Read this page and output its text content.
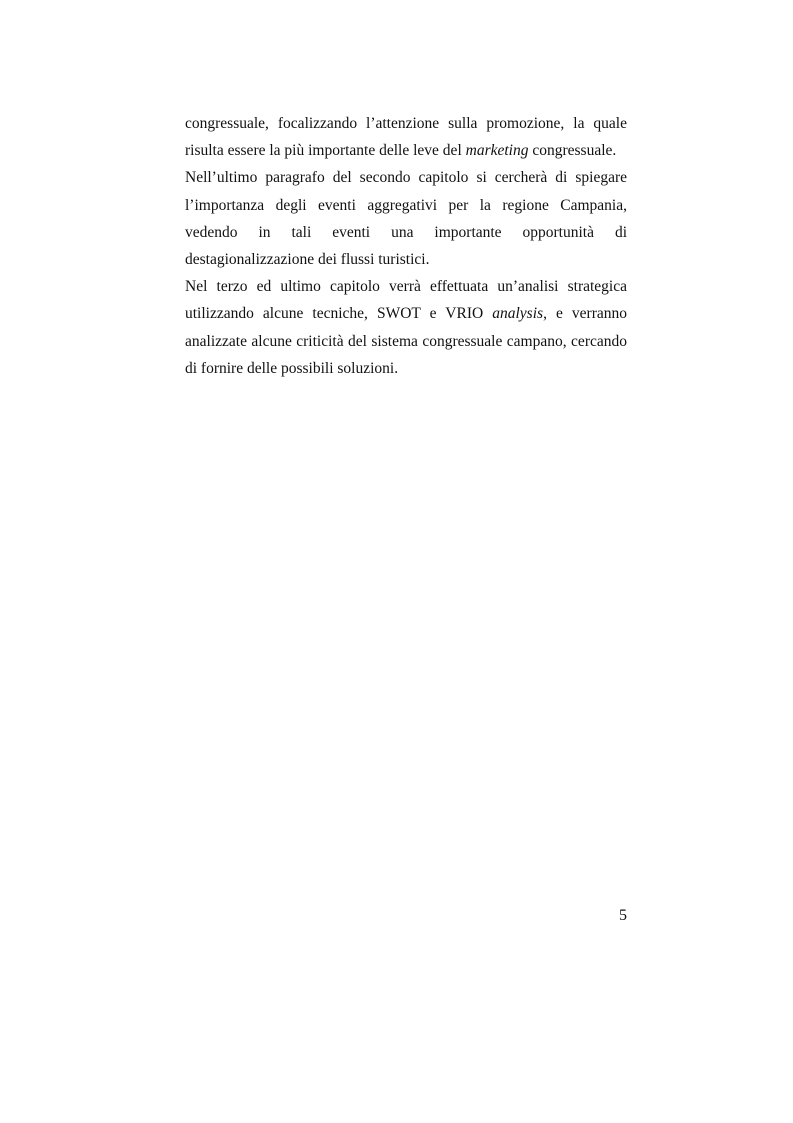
congressuale, focalizzando l’attenzione sulla promozione, la quale risulta essere la più importante delle leve del marketing congressuale.

Nell’ultimo paragrafo del secondo capitolo si cercherà di spiegare l’importanza degli eventi aggregativi per la regione Campania, vedendo in tali eventi una importante opportunità di destagionalizzazione dei flussi turistici.

Nel terzo ed ultimo capitolo verrà effettuata un’analisi strategica utilizzando alcune tecniche, SWOT e VRIO analysis, e verranno analizzate alcune criticità del sistema congressuale campano, cercando di fornire delle possibili soluzioni.

5
